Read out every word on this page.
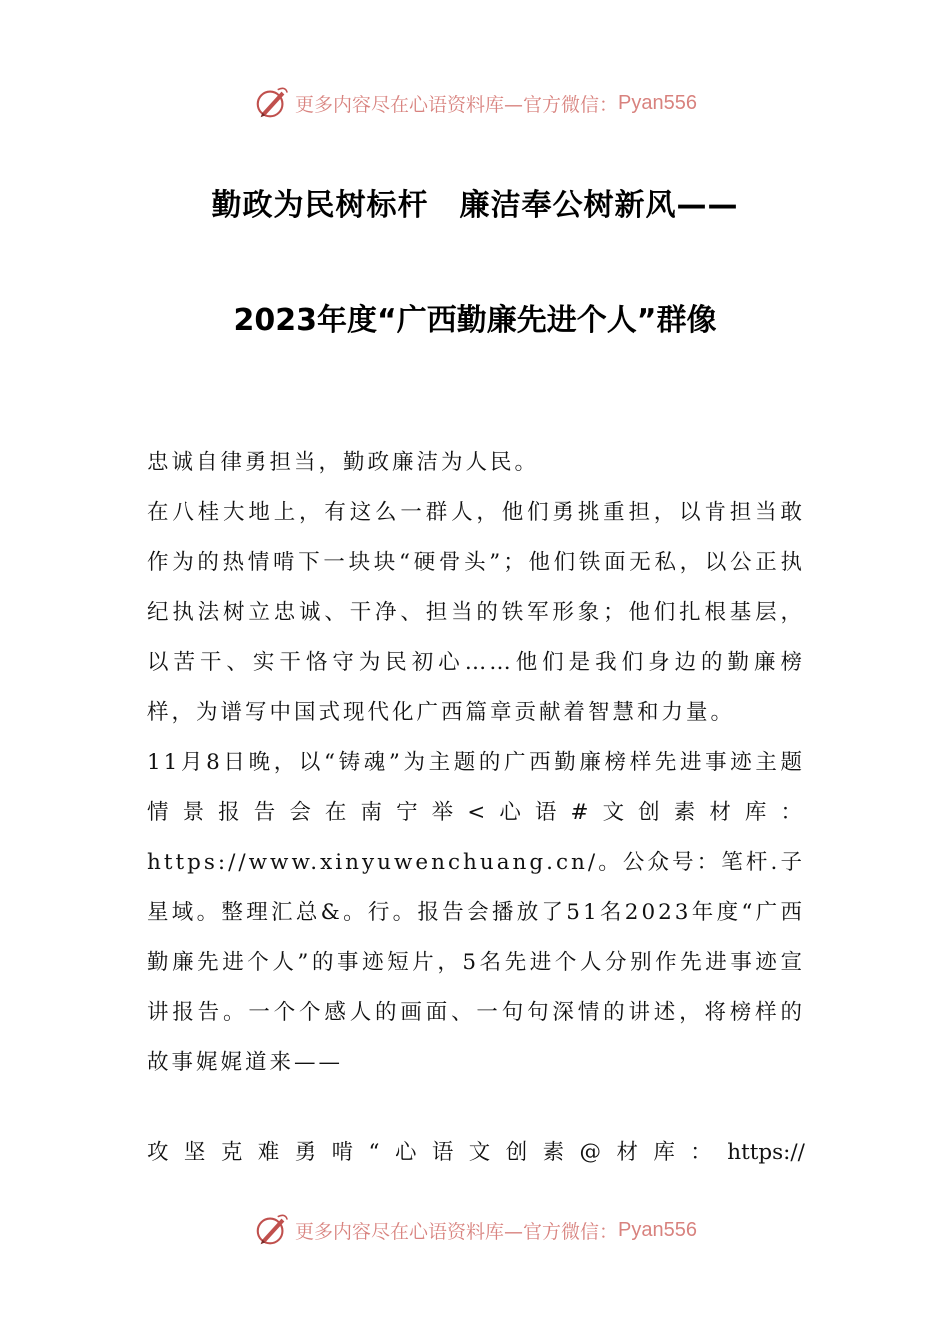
更多内容尽在心语资料库—官方微信： Pyan556
勤政为民树标杆　廉洁奉公树新风——
2023年度“广西勤廉先进个人”群像

忠诚自律勇担当，勤政廉洁为人民。

在八桂大地上，有这么一群人，他们勇挑重担，以肯担当敢作为的热情啃下一块块“硬骨头”；他们铁面无私，以公正执纪执法树立忠诚、干净、担当的铁军形象；他们扎根基层，以苦干、实干恪守为民初心……他们是我们身边的勤廉榜样，为谱写中国式现代化广西篇章贡献着智慧和力量。

11月8日晚，以“铸魂”为主题的广西勤廉榜样先进事迹主题情景报告会在南宁举<心语#文创素材库：https://www.xinyuwenchuang.cn/。公众号：笔杆.子星域。整理汇总&。行。报告会播放了51名2023年度“广西勤廉先进个人”的事迹短片，5名先进个人分别作先进事迹宣讲报告。一个个感人的画面、一句句深情的讲述，将榜样的故事娓娓道来——

攻 坚 克 难 勇 啃 “ 心 语 文 创 素 @ 材 库 ： https://
更多内容尽在心语资料库—官方微信： Pyan556
